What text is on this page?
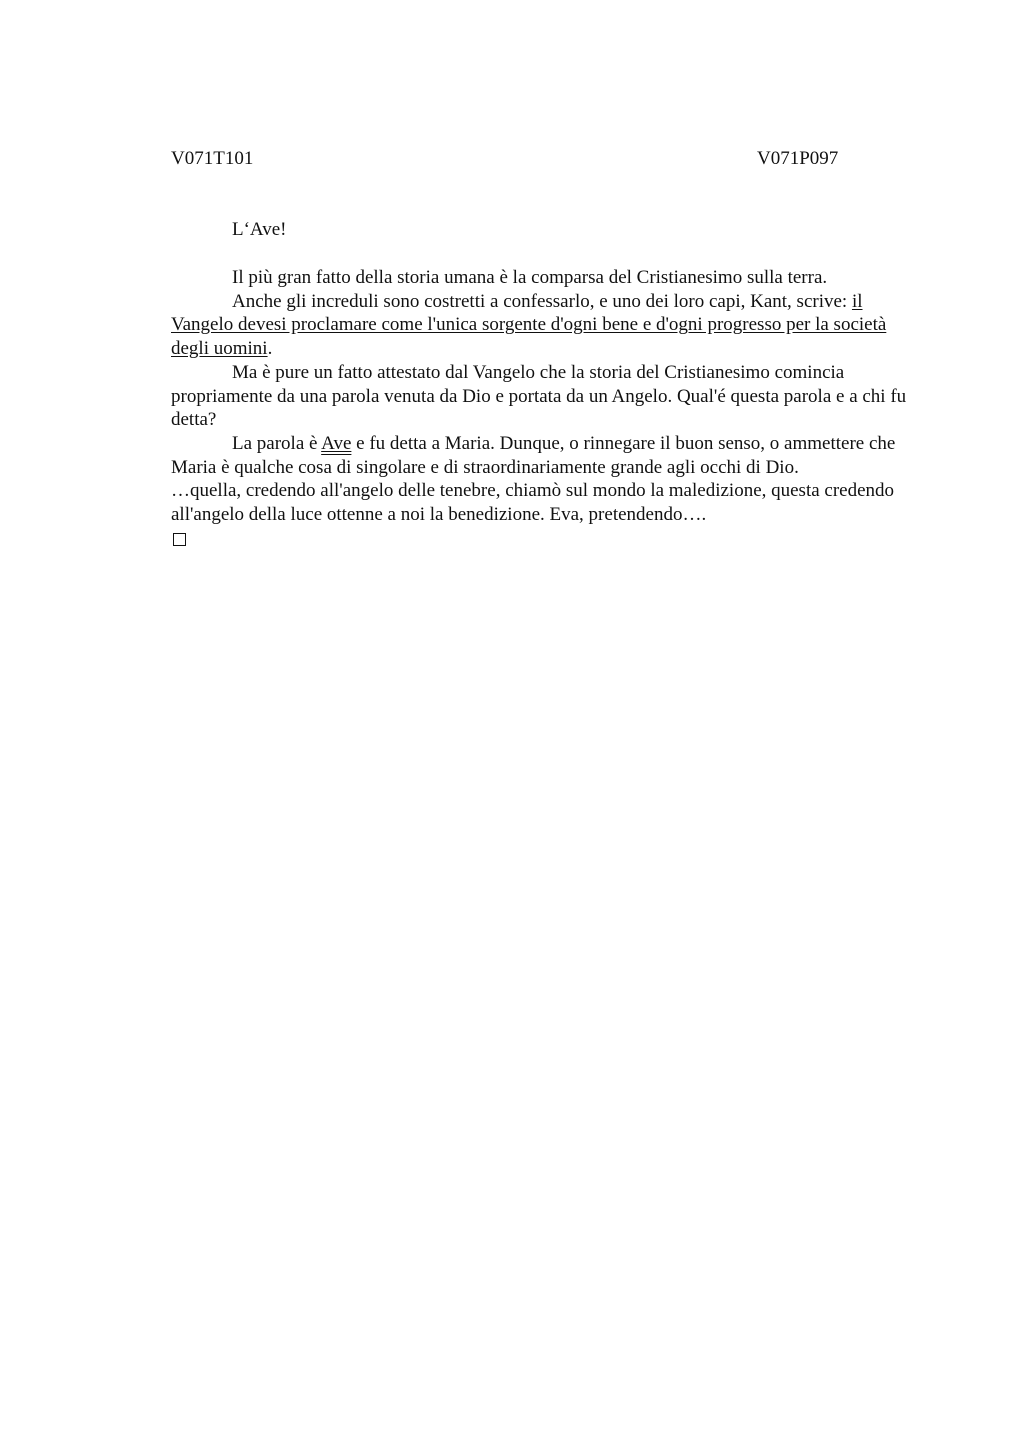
V071T101	V071P097
L‘Ave!

Il più gran fatto della storia umana è la comparsa del Cristianesimo sulla terra.

Anche gli increduli sono costretti a confessarlo, e uno dei loro capi, Kant, scrive: il Vangelo devesi proclamare come l'unica sorgente d'ogni bene e d'ogni progresso per la società degli uomini.

Ma è pure un fatto attestato dal Vangelo che la storia del Cristianesimo comincia propriamente da una parola venuta da Dio e portata da un Angelo. Qual'é questa parola e a chi fu detta?

La parola è Ave e fu detta a Maria. Dunque, o rinnegare il buon senso, o ammettere che Maria è qualche cosa di singolare e di straordinariamente grande agli occhi di Dio.

…quella, credendo all'angelo delle tenebre, chiamò sul mondo la maledizione, questa credendo all'angelo della luce ottenne a noi la benedizione. Eva, pretendendo….
